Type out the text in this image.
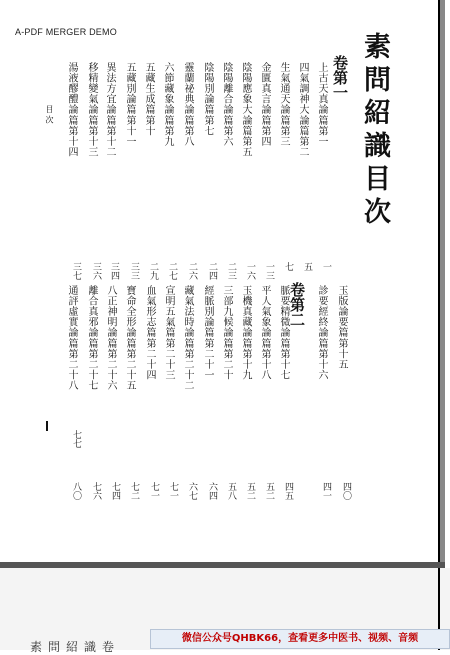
A-PDF MERGER DEMO
素問紹識卷
素問紹識目次
卷第一
卷第二
上古天真論篇第一
四氣調神大論篇第二
生氣通天論篇第三
金匱真言論篇第四
陰陽應象大論篇第五
陰陽離合論篇第六
陰陽別論篇第七
靈蘭祕典論篇第八
六節藏象論篇第九
五藏生成篇第十
五藏別論篇第十一
異法方宜論篇第十二
移精變氣論篇第十三
湯液醪醴論篇第十四
一
五
七
一三
一六
二三
二四
二六
二七
二九
三三
三四
三六
三七
玉版論要篇第十五
診要經終論篇第十六
脈要精微論篇第十七
平人氣象論篇第十八
玉機真藏論篇第十九
三部九候論篇第二十
經脈別論篇第二十一
藏氣法時論篇第二十二
宣明五氣篇第二十三
血氣形志篇第二十四
寶命全形論篇第二十五
八正神明論篇第二十六
離合真邪論篇第二十七
通評虛實論篇第二十八
四〇
四一
四五
五二
五二
五八
六四
六七
七一
七一
七二
七四
七六
七七
八〇
目 次
微信公众号QHBK66，查看更多中医书、视频、音频
